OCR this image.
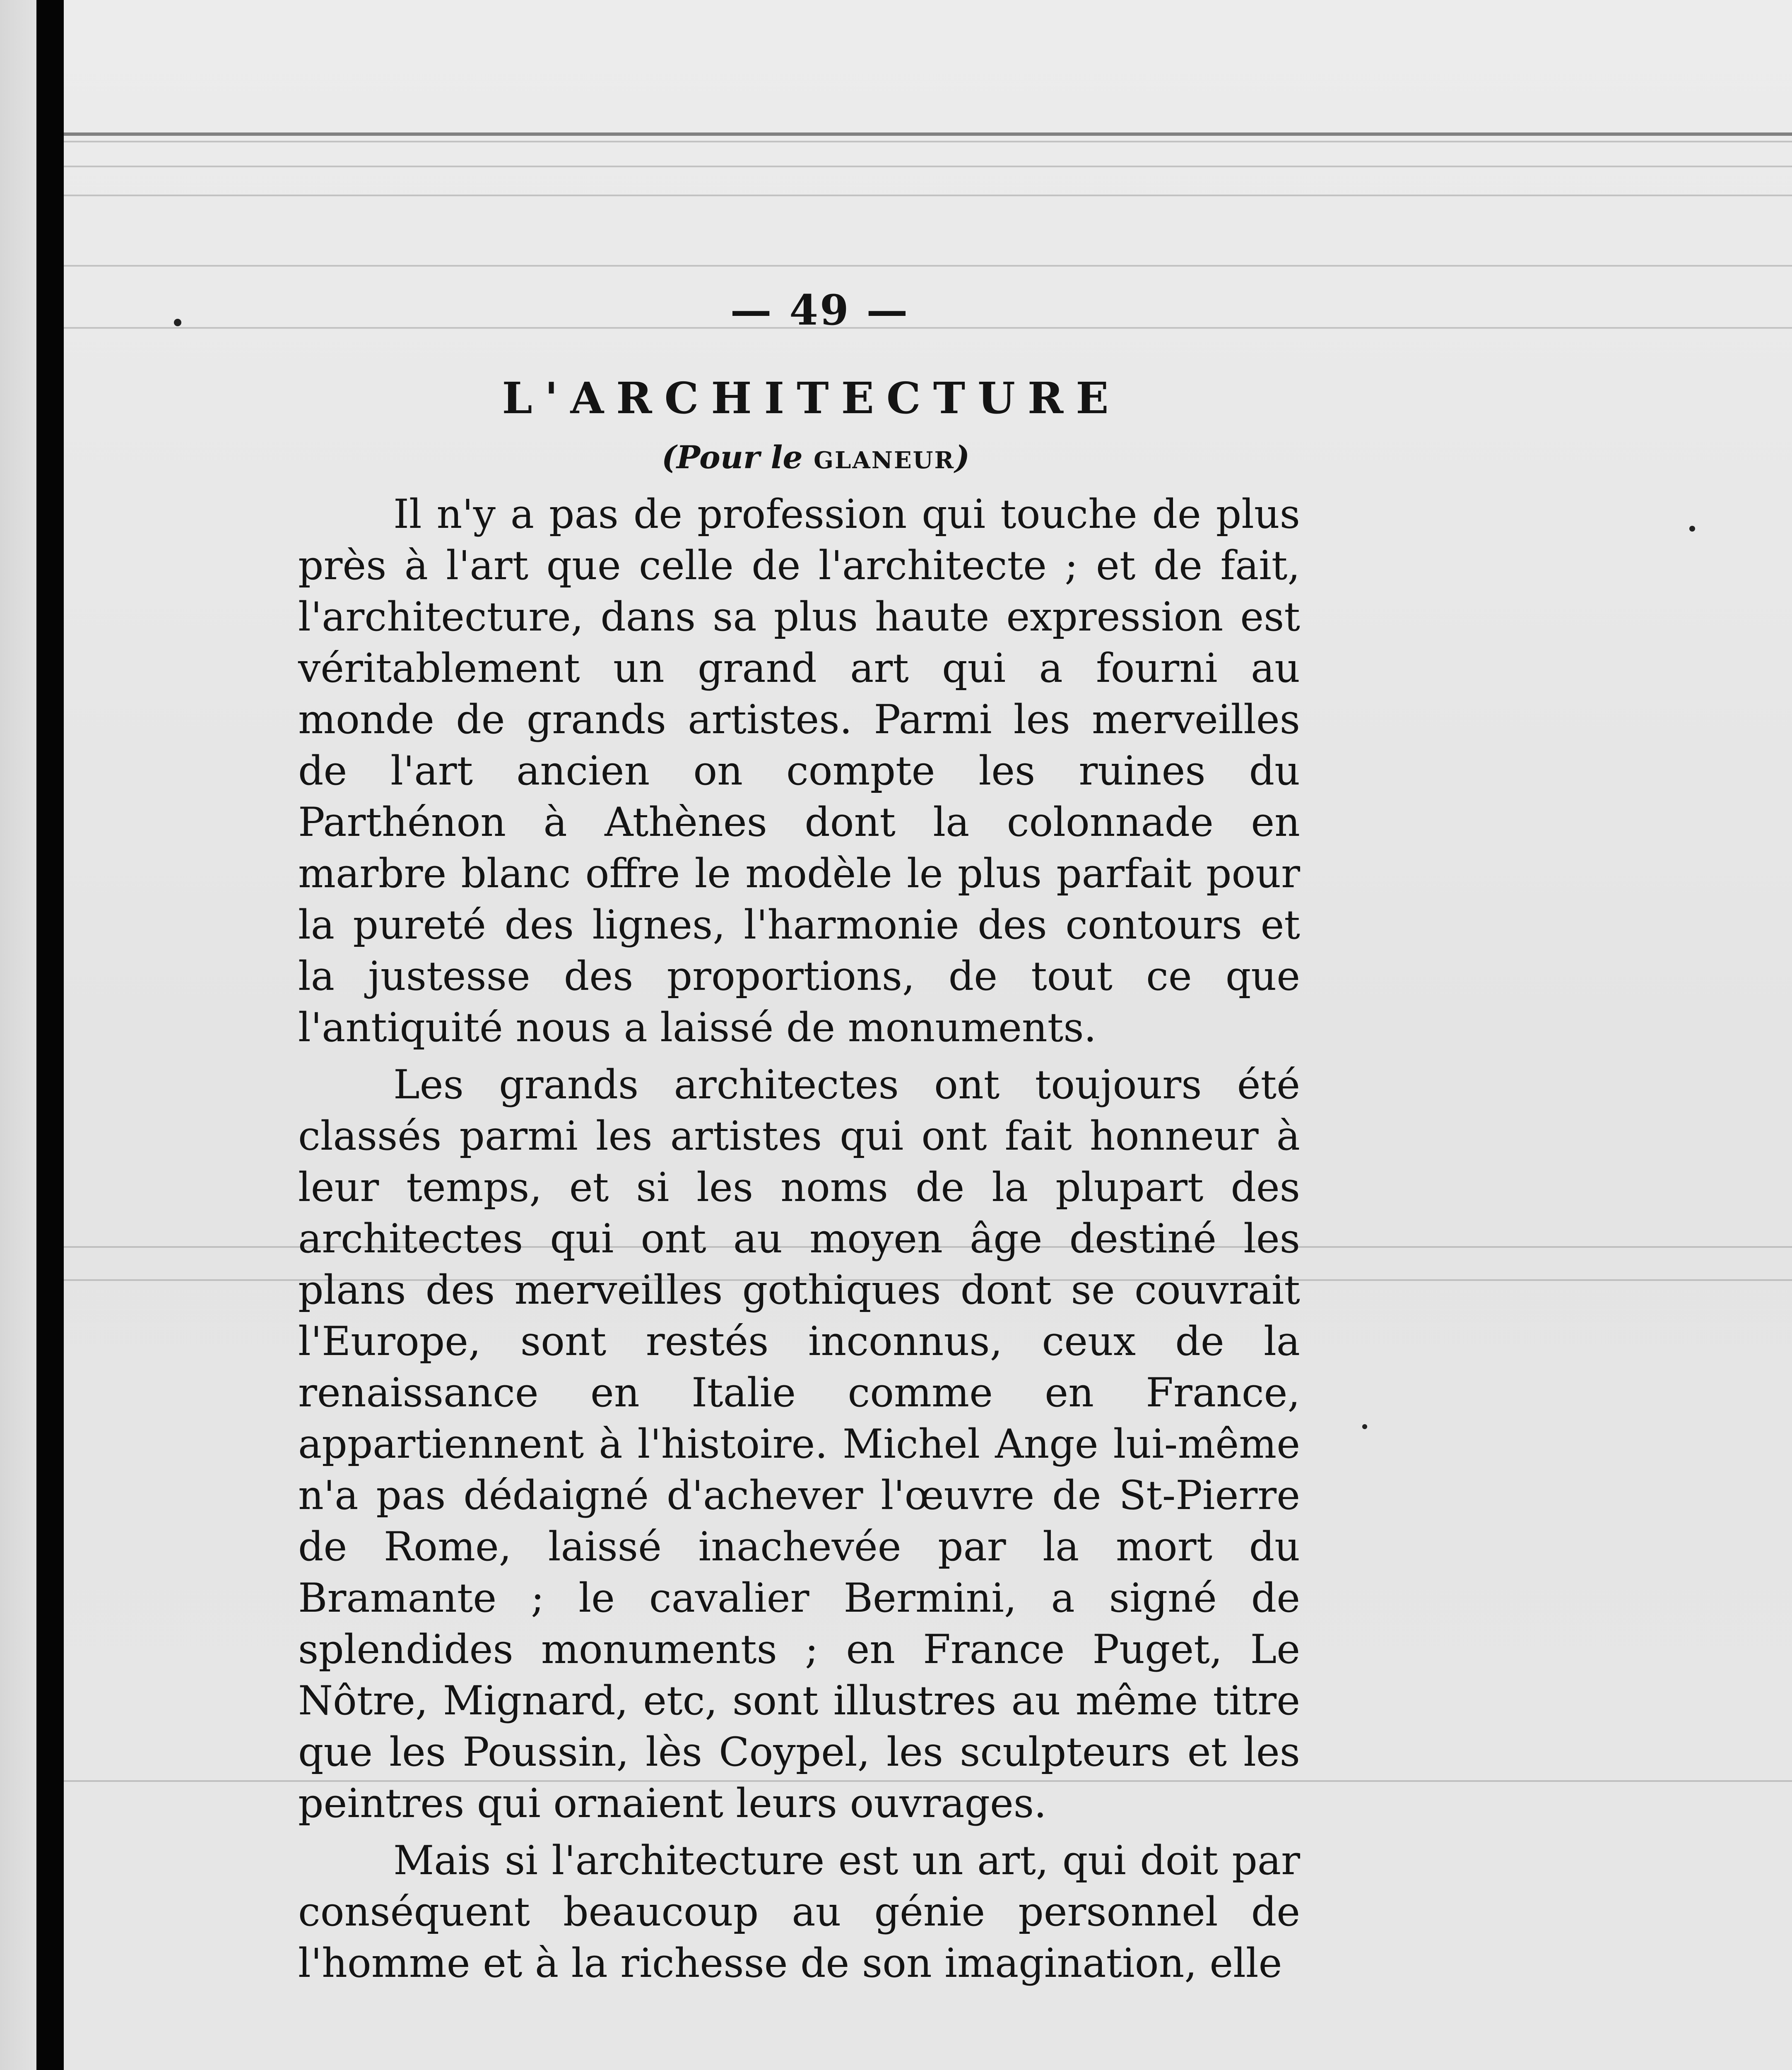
— 49 —
L'ARCHITECTURE
(Pour le GLANEUR)

Il n'y a pas de profession qui touche de plus près à l'art que celle de l'architecte ; et de fait, l'architecture, dans sa plus haute expression est véritablement un grand art qui a fourni au monde de grands artistes. Parmi les merveilles de l'art ancien on compte les ruines du Parthénon à Athènes dont la colonnade en marbre blanc offre le modèle le plus parfait pour la pureté des lignes, l'harmonie des contours et la justesse des proportions, de tout ce que l'antiquité nous a laissé de monuments.

Les grands architectes ont toujours été classés parmi les artistes qui ont fait honneur à leur temps, et si les noms de la plupart des architectes qui ont au moyen âge destiné les plans des merveilles gothiques dont se couvrait l'Europe, sont restés inconnus, ceux de la renaissance en Italie comme en France, appartiennent à l'histoire. Michel Ange lui-même n'a pas dédaigné d'achever l'œuvre de St-Pierre de Rome, laissé inachevée par la mort du Bramante ; le cavalier Bermini, a signé de splendides monuments ; en France Puget, Le Nôtre, Mignard, etc, sont illustres au même titre que les Poussin, lès Coypel, les sculpteurs et les peintres qui ornaient leurs ouvrages.

Mais si l'architecture est un art, qui doit par conséquent beaucoup au génie personnel de l'homme et à la richesse de son imagination, elle
